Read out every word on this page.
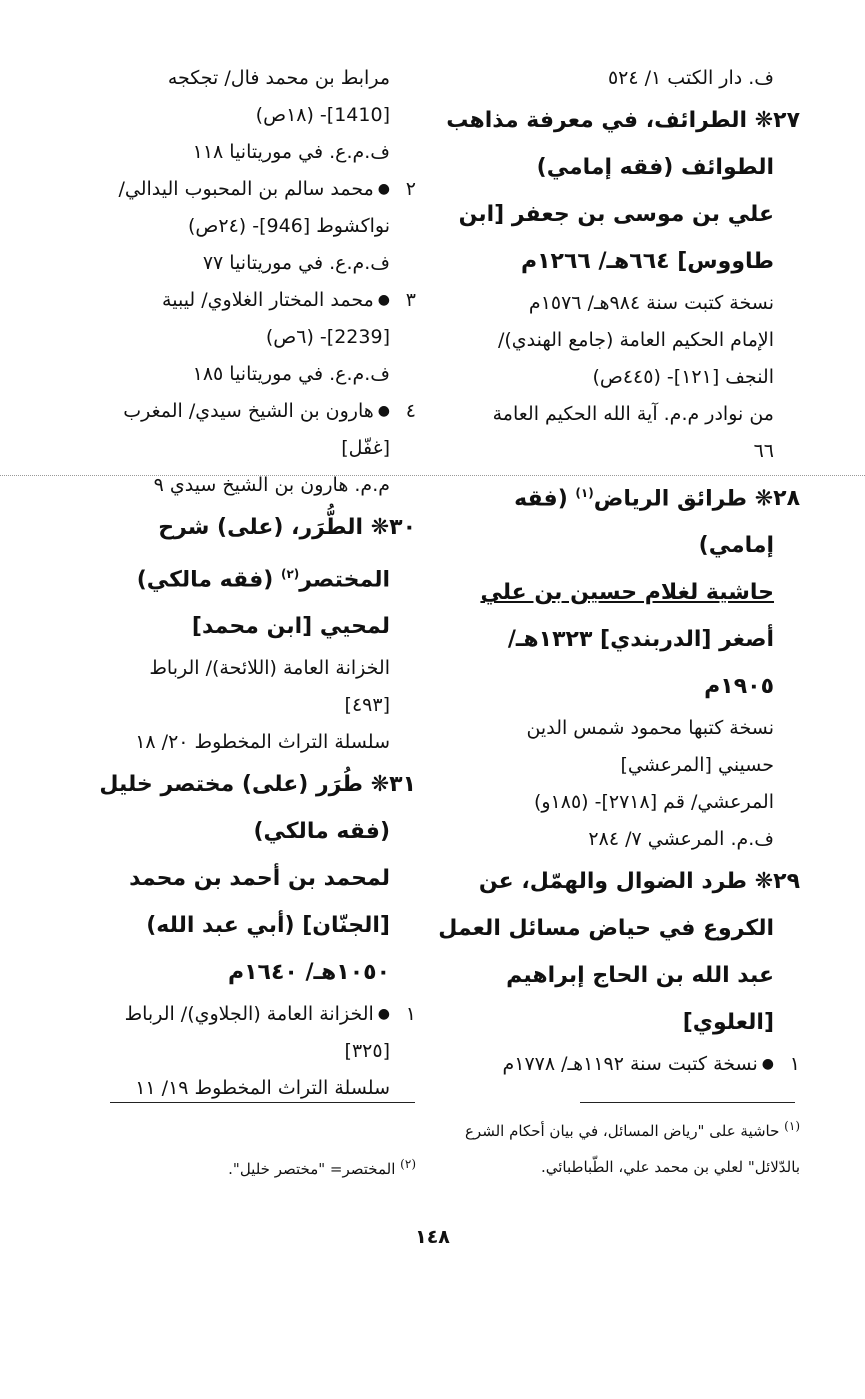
ف. دار الكتب ١/ ٥٢٤
٢٧❋ الطرائف، في معرفة مذاهب
الطوائف (فقه إمامي)
علي بن موسى بن جعفر [ابن
طاووس] ٦٦٤هـ/ ١٢٦٦م
نسخة كتبت سنة ٩٨٤هـ/ ١٥٧٦م
الإمام الحكيم العامة (جامع الهندي)/
النجف [١٢١]- (٤٤٥ص)
من نوادر م.م. آية الله الحكيم العامة
٦٦
٢٨❋ طرائق الرياض$^{(١)}$ (فقه
إمامي)
حاشية لغلام حسين بن علي
أصغر [الدربندي] ١٣٢٣هـ/
١٩٠٥م
نسخة كتبها محمود شمس الدين
حسيني [المرعشي]
المرعشي/ قم [٢٧١٨]- (١٨٥و)
ف.م. المرعشي ٧/ ٢٨٤
٢٩❋ طرد الضوال والهمّل، عن
الكروع في حياض مسائل العمل
عبد الله بن الحاج إبراهيم
[العلوي]
١●نسخة كتبت سنة ١١٩٢هـ/ ١٧٧٨م
مرابط بن محمد فال/ تجكجه
[1410]- (١٨ص)
ف.م.ع. في موريتانيا ١١٨
٢●محمد سالم بن المحبوب اليدالي/
نواكشوط [946]- (٢٤ص)
ف.م.ع. في موريتانيا ٧٧
٣●محمد المختار الغلاوي/ ليبية
[2239]- (٦ص)
ف.م.ع. في موريتانيا ١٨٥
٤●هارون بن الشيخ سيدي/ المغرب
[غفّل]
م.م. هارون بن الشيخ سيدي ٩
٣٠❋ الطُّرَر، (على) شرح
المختصر$^{(٢)}$ (فقه مالكي)
لمحيي [ابن محمد]
الخزانة العامة (اللائحة)/ الرباط
[٤٩٣]
سلسلة التراث المخطوط ٢٠/ ١٨
٣١❋ طُرَر (على) مختصر خليل
(فقه مالكي)
لمحمد بن أحمد بن محمد
[الجنّان] (أبي عبد الله)
١٠٥٠هـ/ ١٦٤٠م
١●الخزانة العامة (الجلاوي)/ الرباط
[٣٢٥]
سلسلة التراث المخطوط ١٩/ ١١
$^{(١)}$ حاشية على "رياض المسائل، في بيان أحكام الشرع بالدّلائل" لعلي بن محمد علي، الطّباطبائي.
$^{(٢)}$ المختصر= "مختصر خليل".
١٤٨
